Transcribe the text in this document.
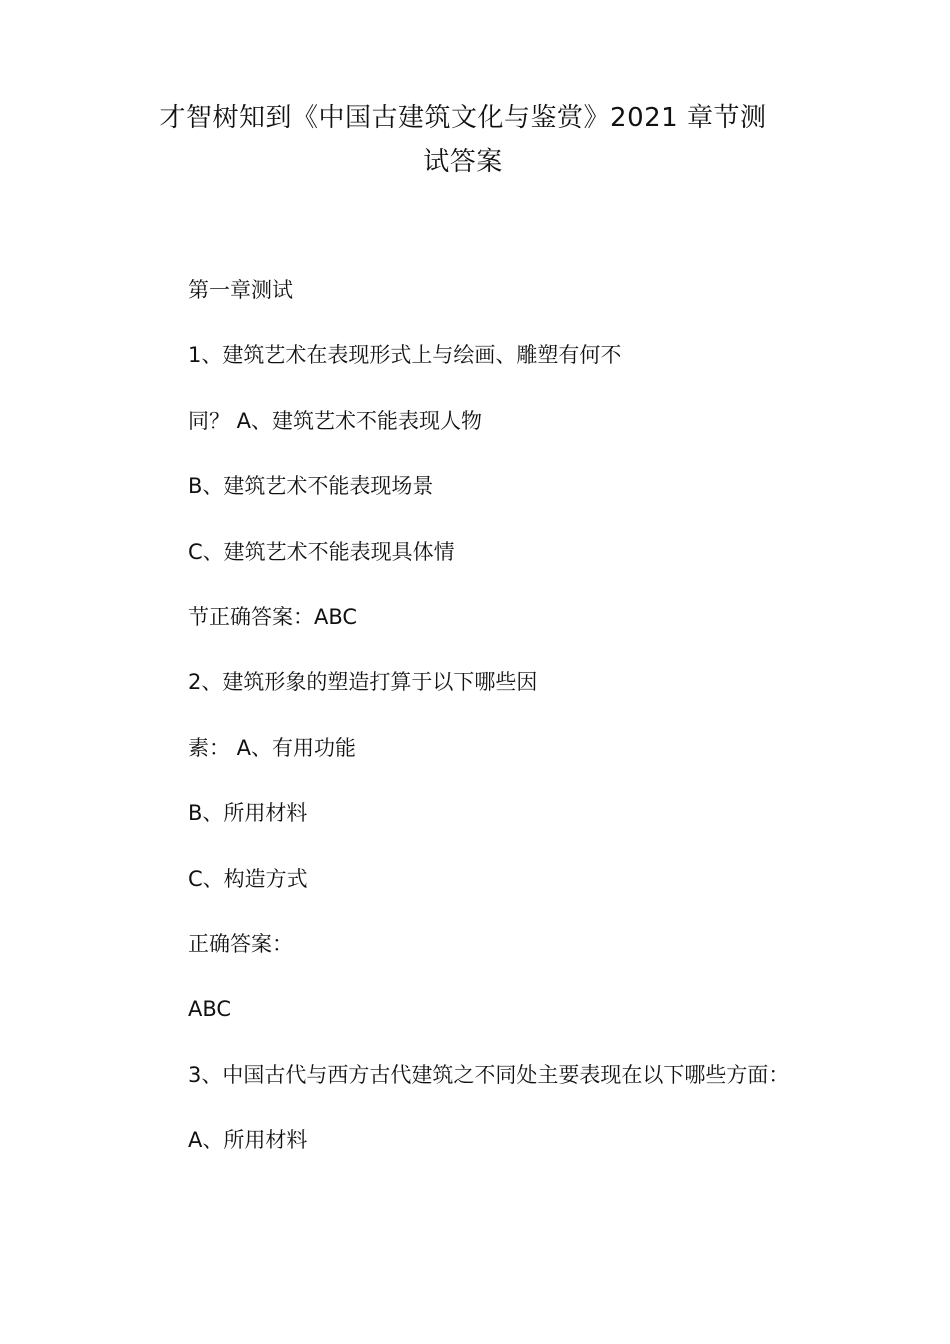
才智树知到《中国古建筑文化与鉴赏》2021 章节测
试答案
第一章测试
1、建筑艺术在表现形式上与绘画、雕塑有何不
同？ A、建筑艺术不能表现人物
B、建筑艺术不能表现场景
C、建筑艺术不能表现具体情
节正确答案：ABC
2、建筑形象的塑造打算于以下哪些因
素： A、有用功能
B、所用材料
C、构造方式
正确答案：
ABC
3、中国古代与西方古代建筑之不同处主要表现在以下哪些方面：
A、所用材料
